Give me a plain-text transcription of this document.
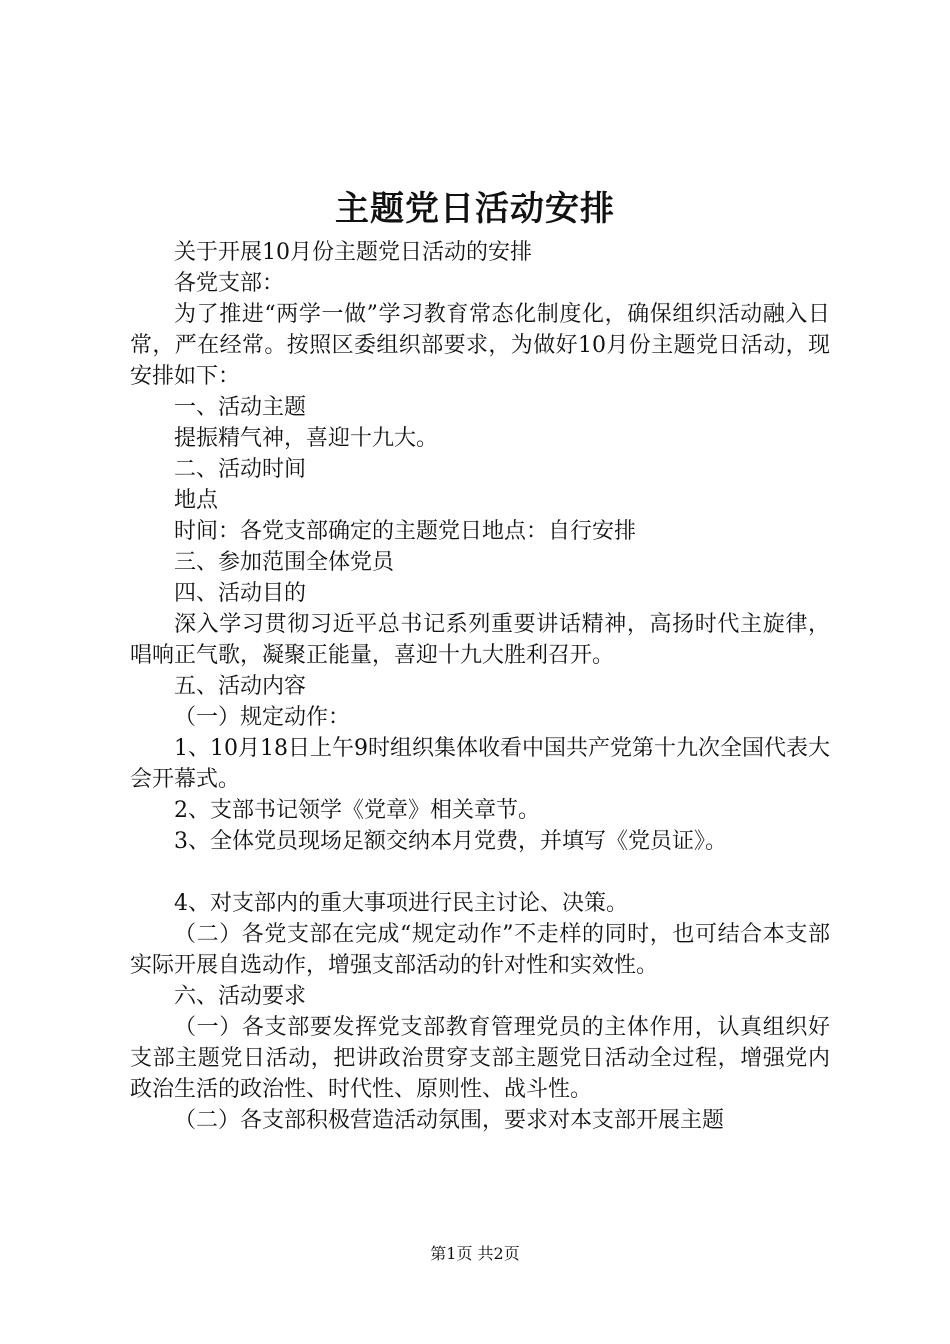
主题党日活动安排

关于开展10月份主题党日活动的安排

各党支部：

为了推进“两学一做”学习教育常态化制度化，确保组织活动融入日常，严在经常。按照区委组织部要求，为做好10月份主题党日活动，现安排如下：

一、活动主题

提振精气神，喜迎十九大。

二、活动时间

地点

时间：各党支部确定的主题党日地点：自行安排

三、参加范围全体党员

四、活动目的

深入学习贯彻习近平总书记系列重要讲话精神，高扬时代主旋律，唱响正气歌，凝聚正能量，喜迎十九大胜利召开。

五、活动内容

（一）规定动作：

1、10月18日上午9时组织集体收看中国共产党第十九次全国代表大会开幕式。

2、支部书记领学《党章》相关章节。

3、全体党员现场足额交纳本月党费，并填写《党员证》。

4、对支部内的重大事项进行民主讨论、决策。

（二）各党支部在完成“规定动作”不走样的同时，也可结合本支部实际开展自选动作，增强支部活动的针对性和实效性。

六、活动要求

（一）各支部要发挥党支部教育管理党员的主体作用，认真组织好支部主题党日活动，把讲政治贯穿支部主题党日活动全过程，增强党内政治生活的政治性、时代性、原则性、战斗性。

（二）各支部积极营造活动氛围，要求对本支部开展主题

第1页 共2页
